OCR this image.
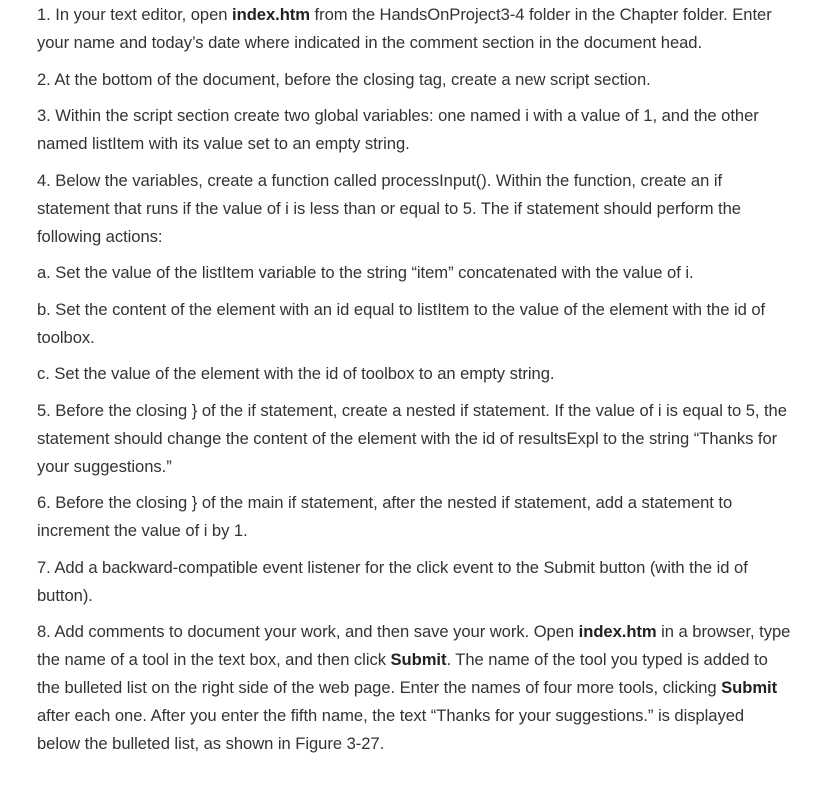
1. In your text editor, open index.htm from the HandsOnProject3-4 folder in the Chapter folder. Enter your name and today’s date where indicated in the comment section in the document head.

2. At the bottom of the document, before the closing tag, create a new script section.

3. Within the script section create two global variables: one named i with a value of 1, and the other named listItem with its value set to an empty string.

4. Below the variables, create a function called processInput(). Within the function, create an if statement that runs if the value of i is less than or equal to 5. The if statement should perform the following actions:

a. Set the value of the listItem variable to the string “item” concatenated with the value of i.

b. Set the content of the element with an id equal to listItem to the value of the element with the id of toolbox.

c. Set the value of the element with the id of toolbox to an empty string.

5. Before the closing } of the if statement, create a nested if statement. If the value of i is equal to 5, the statement should change the content of the element with the id of resultsExpl to the string “Thanks for your suggestions.”

6. Before the closing } of the main if statement, after the nested if statement, add a statement to increment the value of i by 1.

7. Add a backward-compatible event listener for the click event to the Submit button (with the id of button).

8. Add comments to document your work, and then save your work. Open index.htm in a browser, type the name of a tool in the text box, and then click Submit. The name of the tool you typed is added to the bulleted list on the right side of the web page. Enter the names of four more tools, clicking Submit after each one. After you enter the fifth name, the text “Thanks for your suggestions.” is displayed below the bulleted list, as shown in Figure 3-27.
